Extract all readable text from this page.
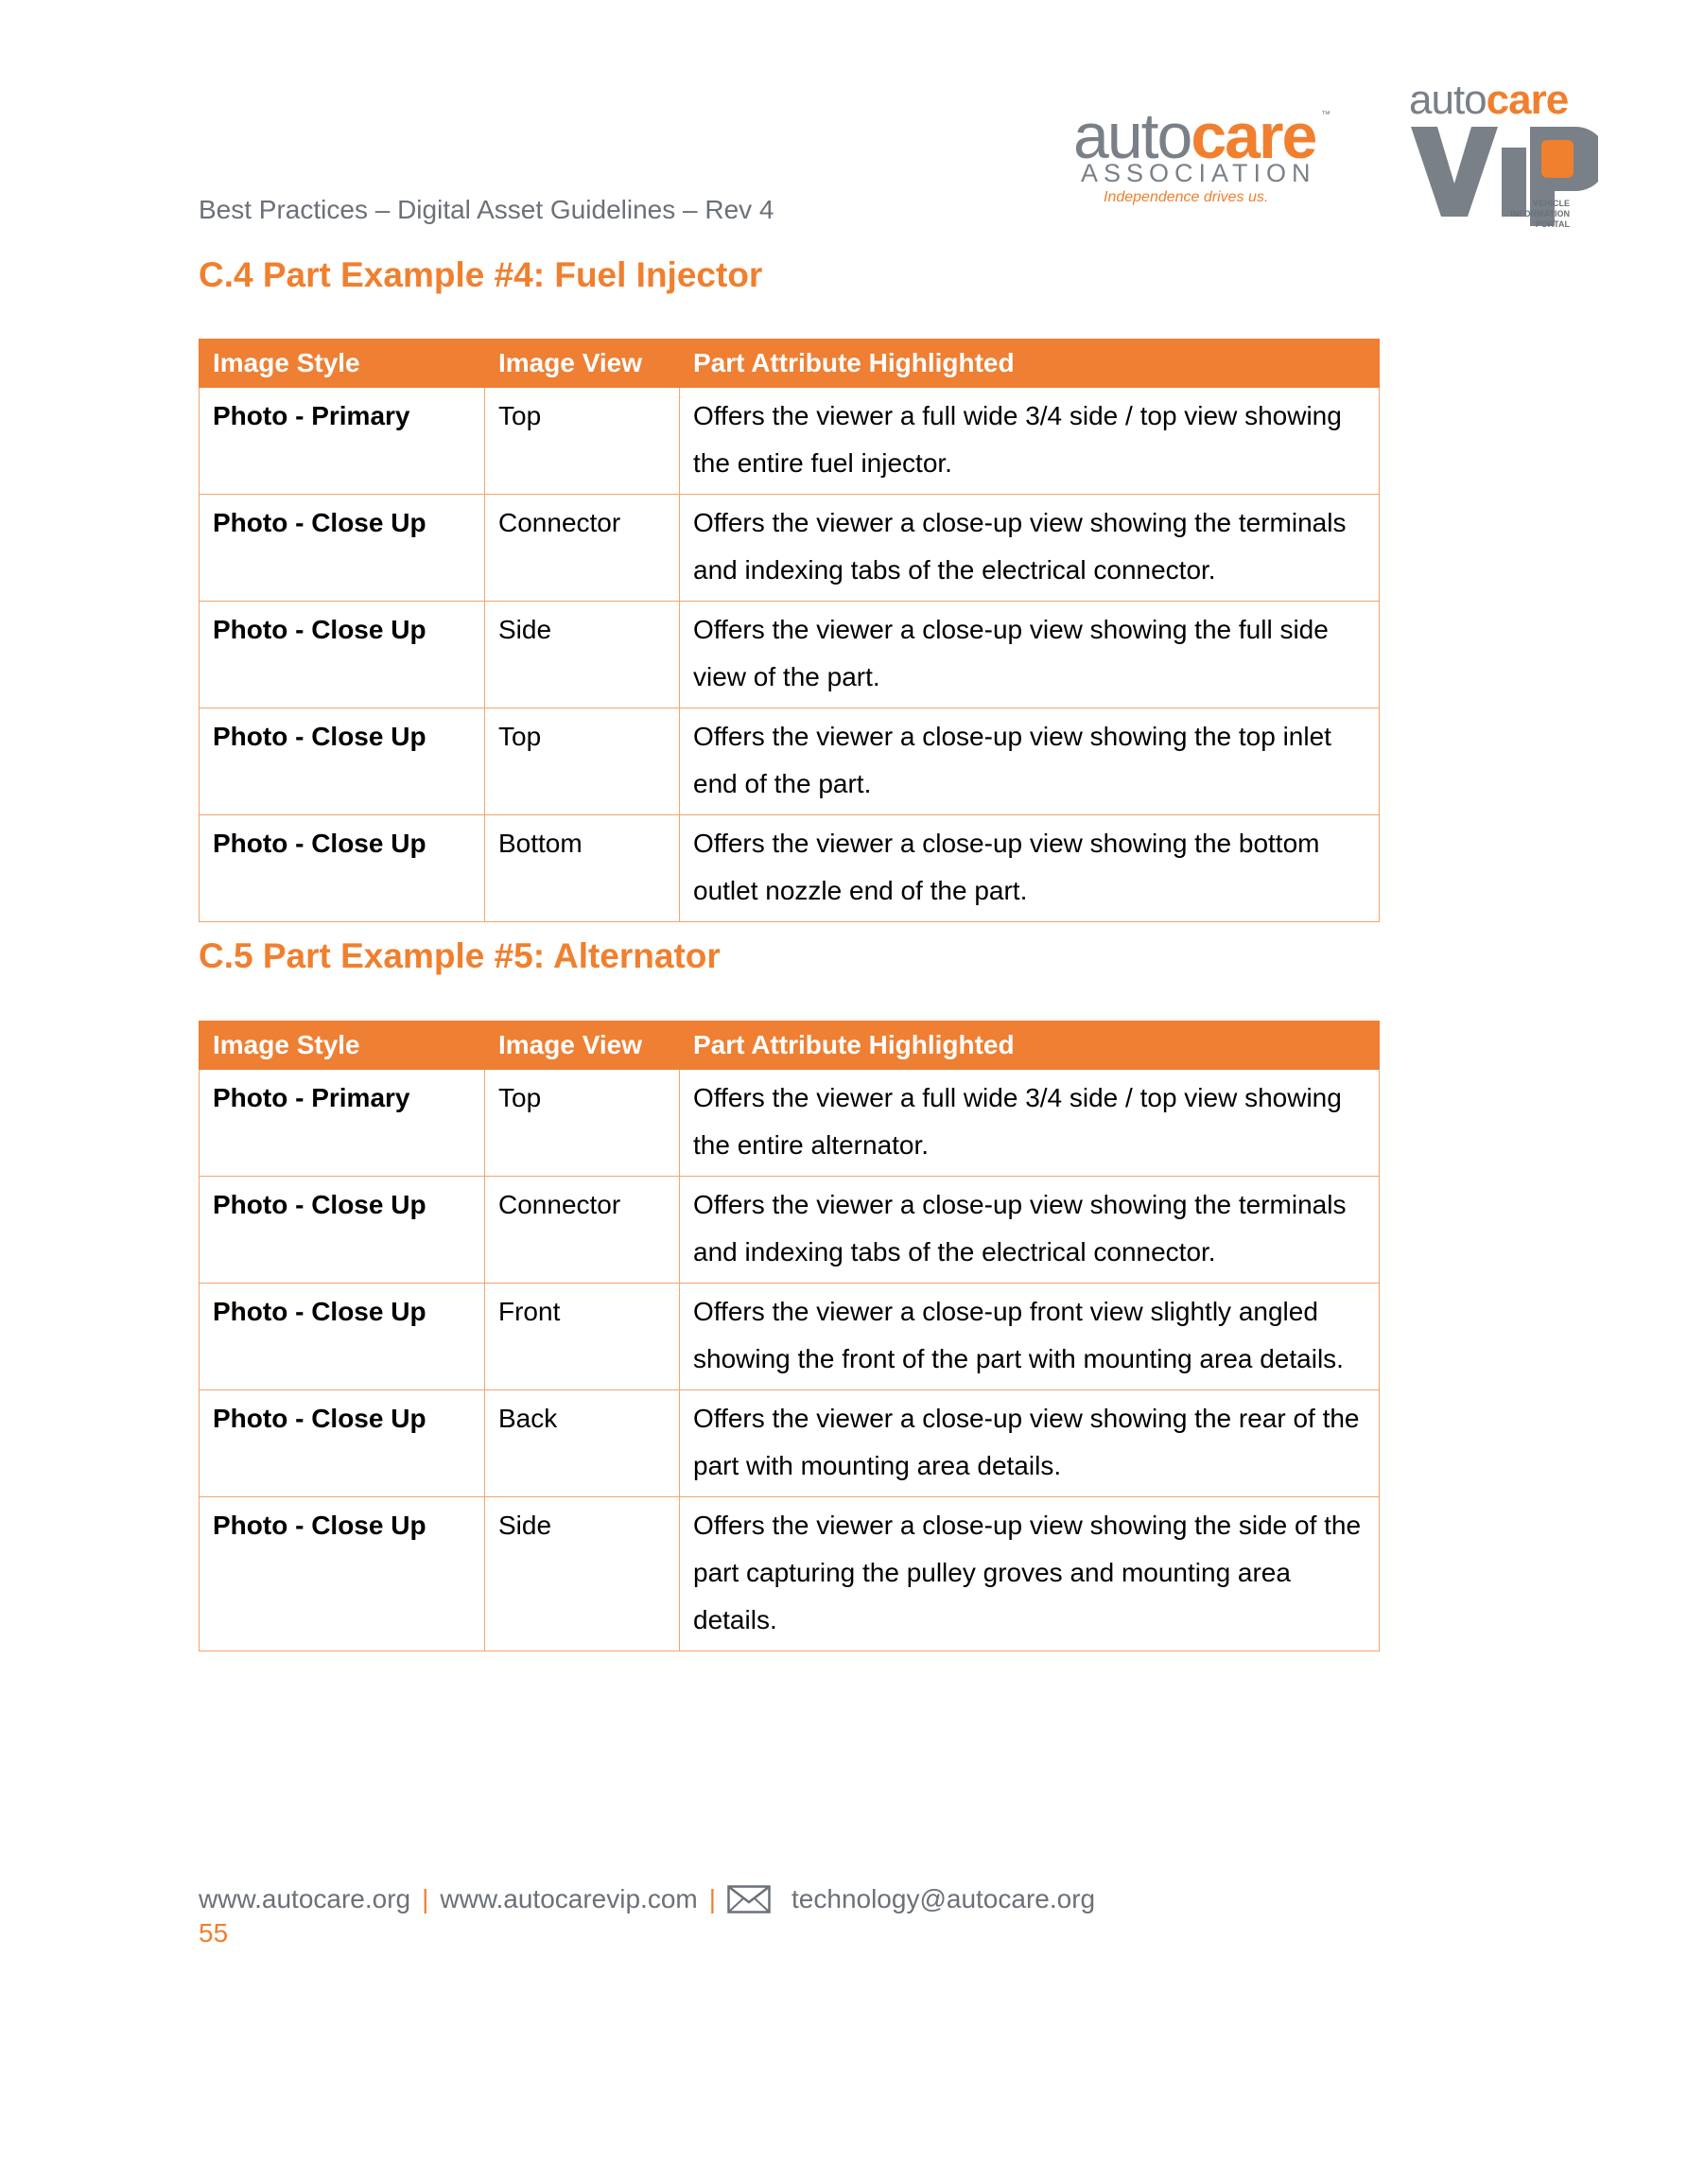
Best Practices – Digital Asset Guidelines – Rev 4
autocare ™
ASSOCIATION
Independence drives us.
autocare
VEHICLE INFORMATION PORTAL
C.4 Part Example #4: Fuel Injector
Image Style	Image View	Part Attribute Highlighted
Photo - Primary	Top	Offers the viewer a full wide 3/4 side / top view showing the entire fuel injector.
Photo - Close Up	Connector	Offers the viewer a close-up view showing the terminals and indexing tabs of the electrical connector.
Photo - Close Up	Side	Offers the viewer a close-up view showing the full side view of the part.
Photo - Close Up	Top	Offers the viewer a close-up view showing the top inlet end of the part.
Photo - Close Up	Bottom	Offers the viewer a close-up view showing the bottom outlet nozzle end of the part.
C.5 Part Example #5: Alternator
Image Style	Image View	Part Attribute Highlighted
Photo - Primary	Top	Offers the viewer a full wide 3/4 side / top view showing the entire alternator.
Photo - Close Up	Connector	Offers the viewer a close-up view showing the terminals and indexing tabs of the electrical connector.
Photo - Close Up	Front	Offers the viewer a close-up front view slightly angled showing the front of the part with mounting area details.
Photo - Close Up	Back	Offers the viewer a close-up view showing the rear of the part with mounting area details.
Photo - Close Up	Side	Offers the viewer a close-up view showing the side of the part capturing the pulley groves and mounting area details.
www.autocare.org | www.autocarevip.com |	technology@autocare.org
55
